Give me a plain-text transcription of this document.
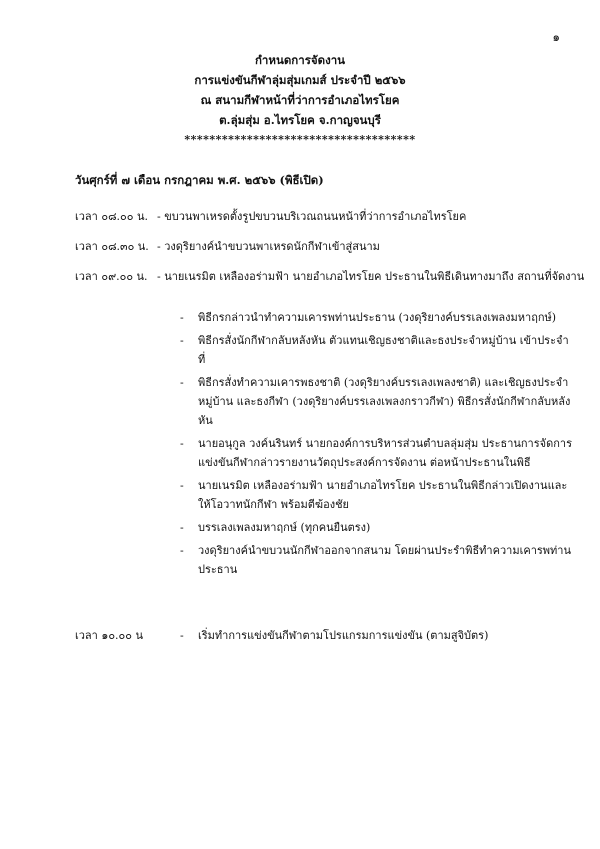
๑
กำหนดการจัดงาน
การแข่งขันกีฬาลุ่มสุ่มเกมส์ ประจำปี ๒๕๖๖
ณ สนามกีฬาหน้าที่ว่าการอำเภอไทรโยค
ต.ลุ่มสุ่ม อ.ไทรโยค จ.กาญจนบุรี
*************************************
วันศุกร์ที่ ๗ เดือน กรกฎาคม พ.ศ. ๒๕๖๖ (พิธีเปิด)
เวลา ๐๘.๐๐ น. - ขบวนพาเหรดตั้งรูปขบวนบริเวณถนนหน้าที่ว่าการอำเภอไทรโยค
เวลา ๐๘.๓๐ น. - วงดุริยางค์นำขบวนพาเหรดนักกีฬาเข้าสู่สนาม
เวลา ๐๙.๐๐ น. - นายเนรมิต เหลืองอร่ามฟ้า นายอำเภอไทรโยค ประธานในพิธีเดินทางมาถึง สถานที่จัดงาน
-	พิธีกรกล่าวนำทำความเคารพท่านประธาน (วงดุริยางค์บรรเลงเพลงมหาฤกษ์)
-	พิธีกรสั่งนักกีฬากลับหลังหัน ตัวแทนเชิญธงชาติและธงประจำหมู่บ้าน เข้าประจำที่
-	พิธีกรสั่งทำความเคารพธงชาติ (วงดุริยางค์บรรเลงเพลงชาติ) และเชิญธงประจำหมู่บ้าน และธงกีฬา (วงดุริยางค์บรรเลงเพลงกราวกีฬา) พิธีกรสั่งนักกีฬากลับหลังหัน
-	นายอนุกูล วงค์นรินทร์ นายกองค์การบริหารส่วนตำบลลุ่มสุ่ม ประธานการจัดการแข่งขันกีฬากล่าวรายงานวัตถุประสงค์การจัดงาน ต่อหน้าประธานในพิธี
-	นายเนรมิต เหลืองอร่ามฟ้า นายอำเภอไทรโยค ประธานในพิธีกล่าวเปิดงานและให้โอวาทนักกีฬา พร้อมตีฆ้องชัย
-	บรรเลงเพลงมหาฤกษ์ (ทุกคนยืนตรง)
-	วงดุริยางค์นำขบวนนักกีฬาออกจากสนาม โดยผ่านประรำพิธีทำความเคารพท่านประธาน
เวลา ๑๐.๐๐ น	- เริ่มทำการแข่งขันกีฬาตามโปรแกรมการแข่งขัน (ตามสูจิบัตร)
